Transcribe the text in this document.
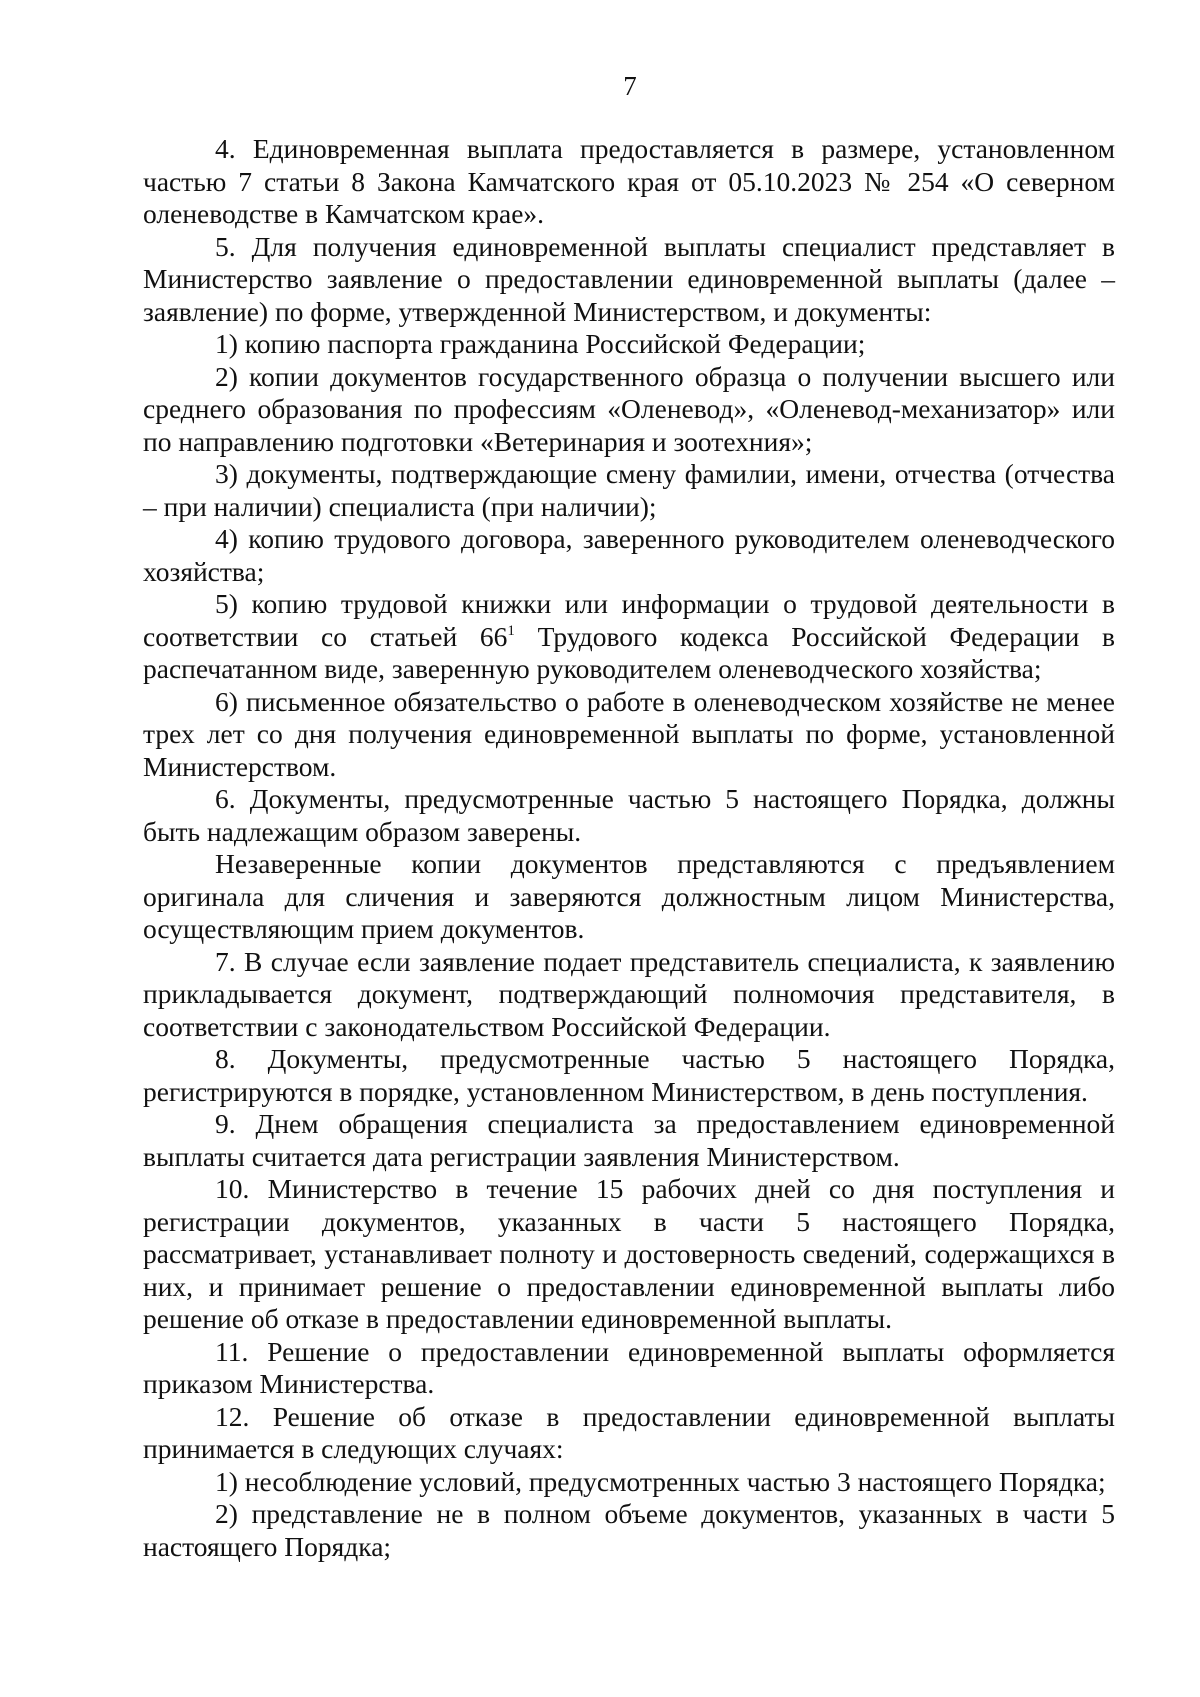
7

4. Единовременная выплата предоставляется в размере, установленном частью 7 статьи 8 Закона Камчатского края от 05.10.2023 № 254 «О северном оленеводстве в Камчатском крае».

5. Для получения единовременной выплаты специалист представляет в Министерство заявление о предоставлении единовременной выплаты (далее – заявление) по форме, утвержденной Министерством, и документы:

1) копию паспорта гражданина Российской Федерации;

2) копии документов государственного образца о получении высшего или среднего образования по профессиям «Оленевод», «Оленевод-механизатор» или по направлению подготовки «Ветеринария и зоотехния»;

3) документы, подтверждающие смену фамилии, имени, отчества (отчества – при наличии) специалиста (при наличии);

4) копию трудового договора, заверенного руководителем оленеводческого хозяйства;

5) копию трудовой книжки или информации о трудовой деятельности в соответствии со статьей 66$^1$ Трудового кодекса Российской Федерации в распечатанном виде, заверенную руководителем оленеводческого хозяйства;

6) письменное обязательство о работе в оленеводческом хозяйстве не менее трех лет со дня получения единовременной выплаты по форме, установленной Министерством.

6. Документы, предусмотренные частью 5 настоящего Порядка, должны быть надлежащим образом заверены.

Незаверенные копии документов представляются с предъявлением оригинала для сличения и заверяются должностным лицом Министерства, осуществляющим прием документов.

7. В случае если заявление подает представитель специалиста, к заявлению прикладывается документ, подтверждающий полномочия представителя, в соответствии с законодательством Российской Федерации.

8. Документы, предусмотренные частью 5 настоящего Порядка, регистрируются в порядке, установленном Министерством, в день поступления.

9. Днем обращения специалиста за предоставлением единовременной выплаты считается дата регистрации заявления Министерством.

10. Министерство в течение 15 рабочих дней со дня поступления и регистрации документов, указанных в части 5 настоящего Порядка, рассматривает, устанавливает полноту и достоверность сведений, содержащихся в них, и принимает решение о предоставлении единовременной выплаты либо решение об отказе в предоставлении единовременной выплаты.

11. Решение о предоставлении единовременной выплаты оформляется приказом Министерства.

12. Решение об отказе в предоставлении единовременной выплаты принимается в следующих случаях:

1) несоблюдение условий, предусмотренных частью 3 настоящего Порядка;

2) представление не в полном объеме документов, указанных в части 5 настоящего Порядка;
